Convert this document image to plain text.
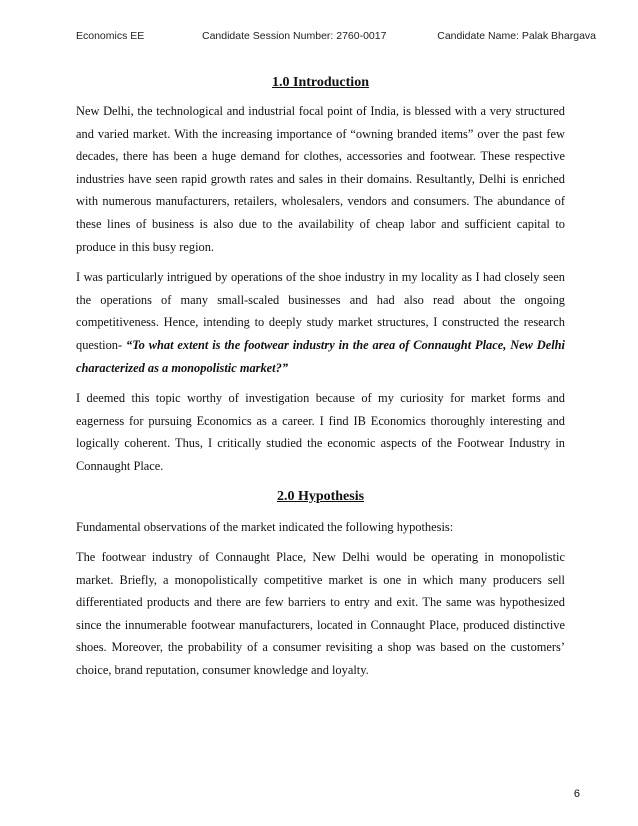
Economics EE	Candidate Session Number: 2760-0017	Candidate Name: Palak Bhargava
1.0 Introduction

New Delhi, the technological and industrial focal point of India, is blessed with a very structured and varied market. With the increasing importance of “owning branded items” over the past few decades, there has been a huge demand for clothes, accessories and footwear. These respective industries have seen rapid growth rates and sales in their domains. Resultantly, Delhi is enriched with numerous manufacturers, retailers, wholesalers, vendors and consumers. The abundance of these lines of business is also due to the availability of cheap labor and sufficient capital to produce in this busy region.

I was particularly intrigued by operations of the shoe industry in my locality as I had closely seen the operations of many small-scaled businesses and had also read about the ongoing competitiveness. Hence, intending to deeply study market structures, I constructed the research question- “To what extent is the footwear industry in the area of Connaught Place, New Delhi characterized as a monopolistic market?”

I deemed this topic worthy of investigation because of my curiosity for market forms and eagerness for pursuing Economics as a career. I find IB Economics thoroughly interesting and logically coherent. Thus, I critically studied the economic aspects of the Footwear Industry in Connaught Place.

2.0 Hypothesis

Fundamental observations of the market indicated the following hypothesis:

The footwear industry of Connaught Place, New Delhi would be operating in monopolistic market. Briefly, a monopolistically competitive market is one in which many producers sell differentiated products and there are few barriers to entry and exit. The same was hypothesized since the innumerable footwear manufacturers, located in Connaught Place, produced distinctive shoes. Moreover, the probability of a consumer revisiting a shop was based on the customers’ choice, brand reputation, consumer knowledge and loyalty.

6
